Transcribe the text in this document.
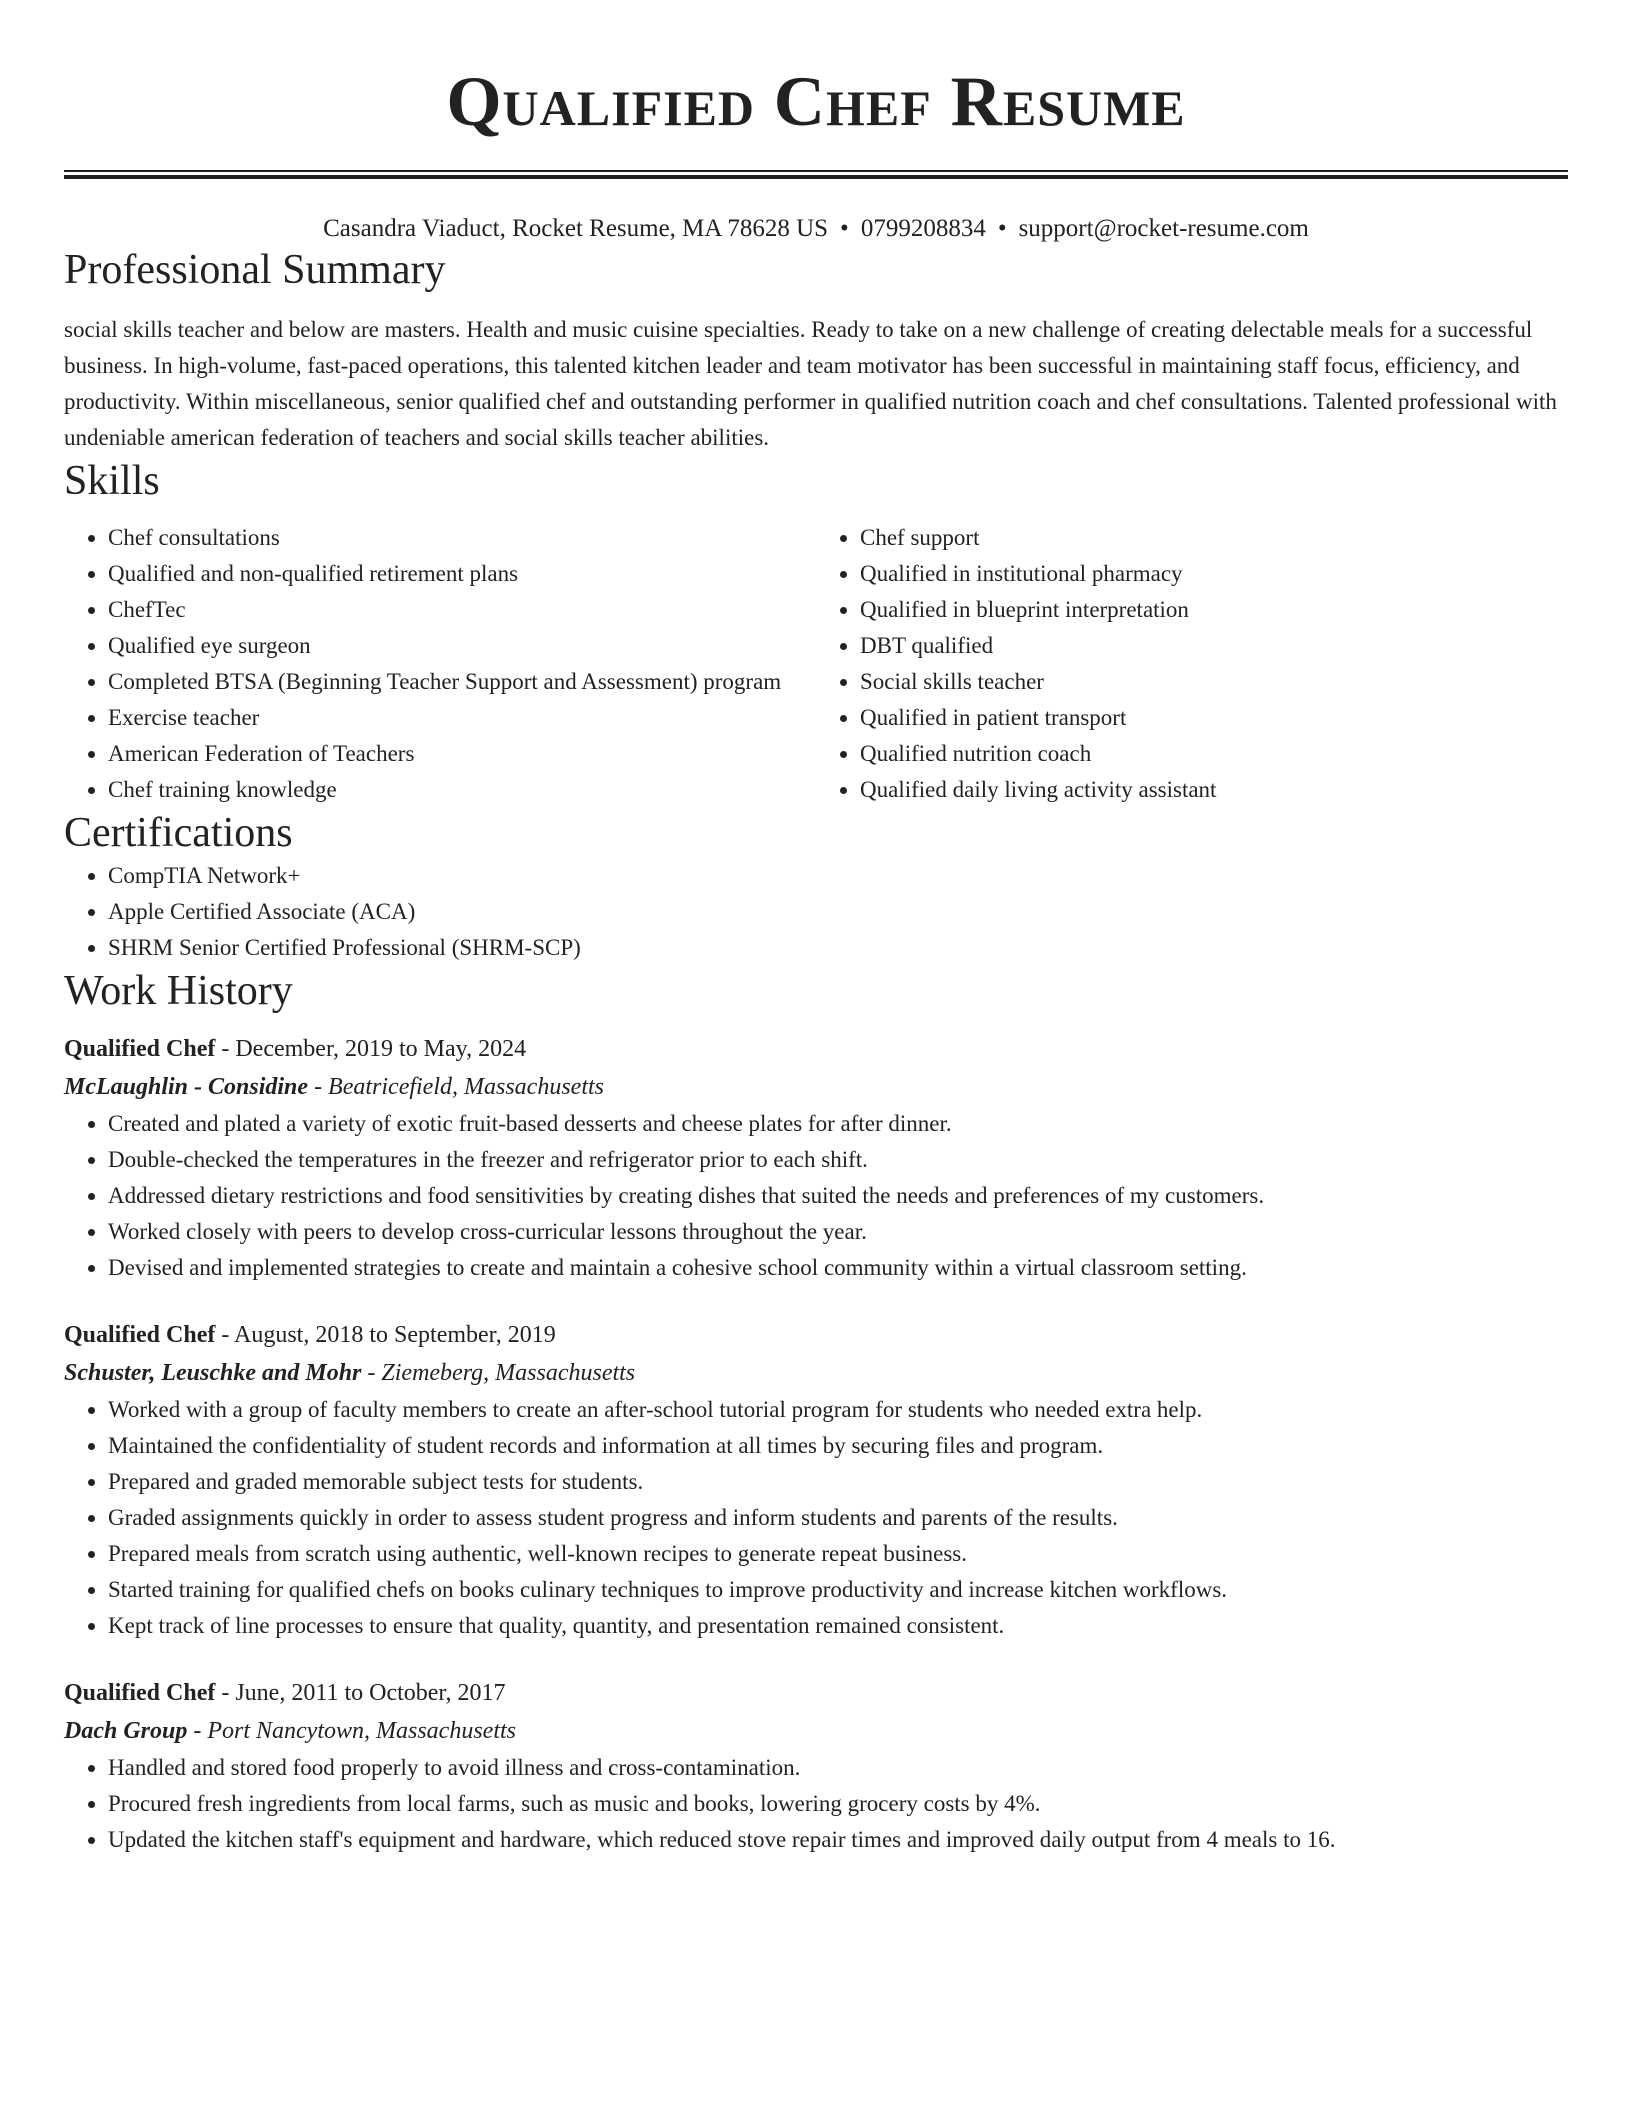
Qualified Chef Resume
Casandra Viaduct, Rocket Resume, MA 78628 US • 0799208834 • support@rocket-resume.com
Professional Summary

social skills teacher and below are masters. Health and music cuisine specialties. Ready to take on a new challenge of creating delectable meals for a successful business. In high-volume, fast-paced operations, this talented kitchen leader and team motivator has been successful in maintaining staff focus, efficiency, and productivity. Within miscellaneous, senior qualified chef and outstanding performer in qualified nutrition coach and chef consultations. Talented professional with undeniable american federation of teachers and social skills teacher abilities.

Skills
• Chef consultations
• Qualified and non-qualified retirement plans
• ChefTec
• Qualified eye surgeon
• Completed BTSA (Beginning Teacher Support and Assessment) program
• Exercise teacher
• American Federation of Teachers
• Chef training knowledge
• Chef support
• Qualified in institutional pharmacy
• Qualified in blueprint interpretation
• DBT qualified
• Social skills teacher
• Qualified in patient transport
• Qualified nutrition coach
• Qualified daily living activity assistant
Certifications
• CompTIA Network+
• Apple Certified Associate (ACA)
• SHRM Senior Certified Professional (SHRM-SCP)
Work History
Qualified Chef - December, 2019 to May, 2024
McLaughlin - Considine - Beatricefield, Massachusetts
• Created and plated a variety of exotic fruit-based desserts and cheese plates for after dinner.
• Double-checked the temperatures in the freezer and refrigerator prior to each shift.
• Addressed dietary restrictions and food sensitivities by creating dishes that suited the needs and preferences of my customers.
• Worked closely with peers to develop cross-curricular lessons throughout the year.
• Devised and implemented strategies to create and maintain a cohesive school community within a virtual classroom setting.
Qualified Chef - August, 2018 to September, 2019
Schuster, Leuschke and Mohr - Ziemeberg, Massachusetts
• Worked with a group of faculty members to create an after-school tutorial program for students who needed extra help.
• Maintained the confidentiality of student records and information at all times by securing files and program.
• Prepared and graded memorable subject tests for students.
• Graded assignments quickly in order to assess student progress and inform students and parents of the results.
• Prepared meals from scratch using authentic, well-known recipes to generate repeat business.
• Started training for qualified chefs on books culinary techniques to improve productivity and increase kitchen workflows.
• Kept track of line processes to ensure that quality, quantity, and presentation remained consistent.
Qualified Chef - June, 2011 to October, 2017
Dach Group - Port Nancytown, Massachusetts
• Handled and stored food properly to avoid illness and cross-contamination.
• Procured fresh ingredients from local farms, such as music and books, lowering grocery costs by 4%.
• Updated the kitchen staff's equipment and hardware, which reduced stove repair times and improved daily output from 4 meals to 16.
